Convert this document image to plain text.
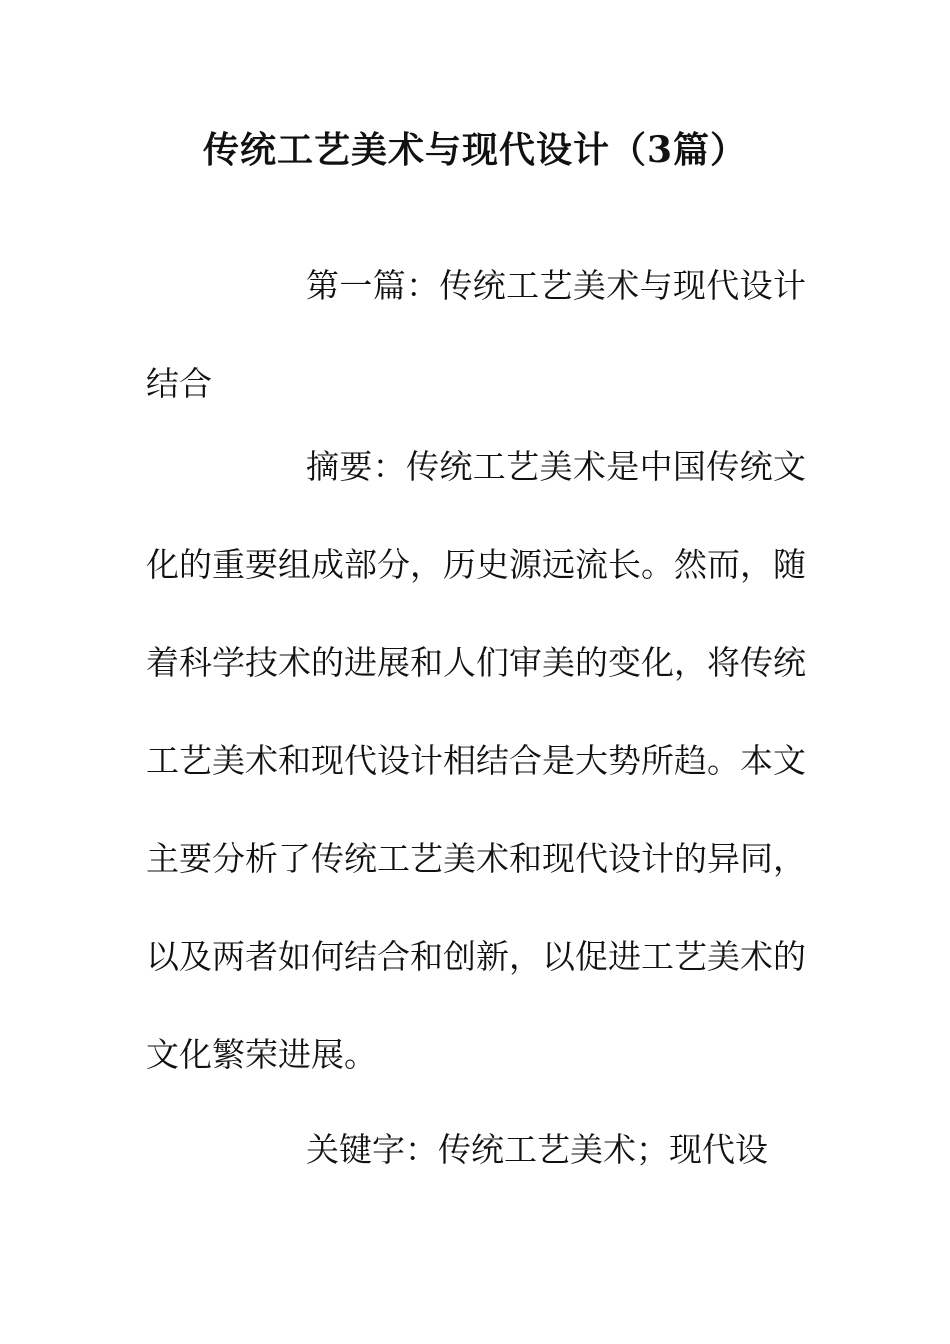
传统工艺美术与现代设计（3篇）

第一篇：传统工艺美术与现代设计结合

摘要：传统工艺美术是中国传统文化的重要组成部分，历史源远流长。然而，随着科学技术的进展和人们审美的变化，将传统工艺美术和现代设计相结合是大势所趋。本文主要分析了传统工艺美术和现代设计的异同，以及两者如何结合和创新，以促进工艺美术的文化繁荣进展。

关键字：传统工艺美术；现代设
